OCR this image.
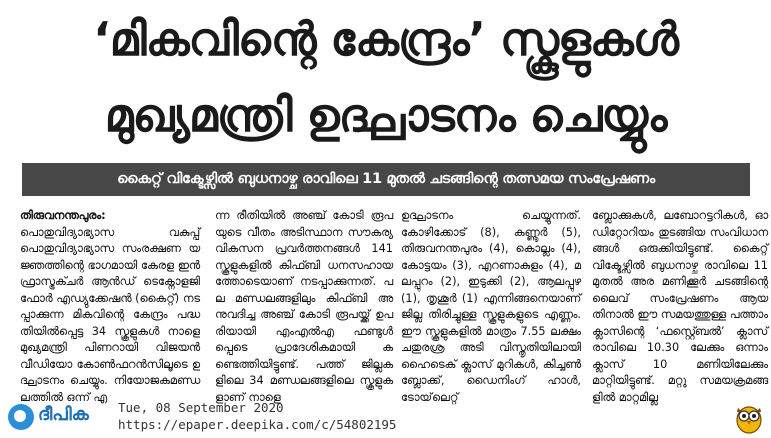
‘മികവിന്റെ കേന്ദ്രം’ സ്കൂളുകൾ
മുഖ്യമന്ത്രി ഉദ്ഘാടനം ചെയ്യും
കൈറ്റ് വിക്ടേഴ്സിൽ ബുധനാഴ്ച രാവിലെ 11 മുതൽ ചടങ്ങിന്റെ തത്സമയ സംപ്രേഷണം

തിരുവനന്തപുരം: പൊതുവിദ്യാഭ്യാസ വകുപ്പ് പൊതുവിദ്യാഭ്യാസ സംരക്ഷണ യജ്ഞത്തിന്റെ ഭാഗമായി കേരള ഇൻഫ്രാസ്ട്രക്ചർ ആൻഡ് ടെക്നോളജി ഫോർ എഡ്യുക്കേഷൻ (കൈറ്റ്) നടപ്പാക്കുന്ന മികവിന്റെ കേന്ദ്രം പദ്ധതിയിൽപ്പെട്ട 34 സ്കൂളുകൾ നാളെ മുഖ്യമന്ത്രി പിണറായി വിജയൻ വീഡിയോ കോൺഫറൻസിലൂടെ ഉദ്ഘാടനം ചെയ്യും. നിയോജകമണ്ഡലത്തിൽ ഒന്ന് എ

ന്ന രീതിയിൽ അഞ്ച് കോടി രൂപയുടെ വീതം അടിസ്ഥാന സൗകര്യവികസന പ്രവർത്തനങ്ങൾ 141 സ്കൂളുകളിൽ കിഫ്ബി ധനസഹായത്തോടെയാണ് നടപ്പാക്കുന്നത്. പല മണ്ഡലങ്ങളിലും കിഫ്ബി അനുവദിച്ച അഞ്ച് കോടി രൂപയ്ക്ക് ഉപരിയായി എംഎൽഎ ഫണ്ടുൾപ്പെടെ പ്രാദേശികമായി കണ്ടെത്തിയിട്ടുണ്ട്. പത്ത് ജില്ലകളിലെ 34 മണ്ഡലങ്ങളിലെ സ്കൂളുകളാണ് നാളെ

ഉദ്ഘാടനം ചെയ്യുന്നത്. കോഴിക്കോട് (8), കണ്ണൂർ (5), തിരുവനന്തപുരം (4), കൊല്ലം (4), കോട്ടയം (3), എറണാകുളം (4), മലപ്പുറം (2), ഇടുക്കി (2), ആലപ്പുഴ (1), തൃശൂർ (1) എന്നിങ്ങനെയാണ് ജില്ല തിരിച്ചുള്ള സ്കൂളുകളുടെ എണ്ണം. ഈ സ്കൂളുകളിൽ മാത്രം 7.55 ലക്ഷം ചതുരശ്ര അടി വിസ്തൃതിയിലായി ഹൈടെക് ക്ലാസ് മുറികൾ, കിച്ചൺ ബ്ലോക്ക്, ഡൈനിംഗ് ഹാൾ, ടോയ്‌ലെറ്റ്

ബ്ലോക്കുകൾ, ലബോറട്ടറികൾ, ഓഡിറ്റോറിയം തുടങ്ങിയ സംവിധാനങ്ങൾ ഒരുക്കിയിട്ടുണ്ട്. കൈറ്റ് വിക്ടേഴ്സിൽ ബുധനാഴ്ച രാവിലെ 11 മുതൽ അര മണിക്കൂർ ചടങ്ങിന്റെ ലൈവ് സംപ്രേഷണം ആയതിനാൽ ഈ സമയത്തുള്ള പത്താം ക്ലാസിന്റെ ‘ഫസ്റ്റ്ബെൽ’ ക്ലാസ് രാവിലെ 10.30 ലേക്കും ഒന്നാം ക്ലാസ് 10 മണിയിലേക്കും മാറ്റിയിട്ടുണ്ട്. മറ്റു സമയക്രമങ്ങളിൽ മാറ്റമില്ല

ദീപിക Tue, 08 September 2020
https://epaper.deepika.com/c/54802195
